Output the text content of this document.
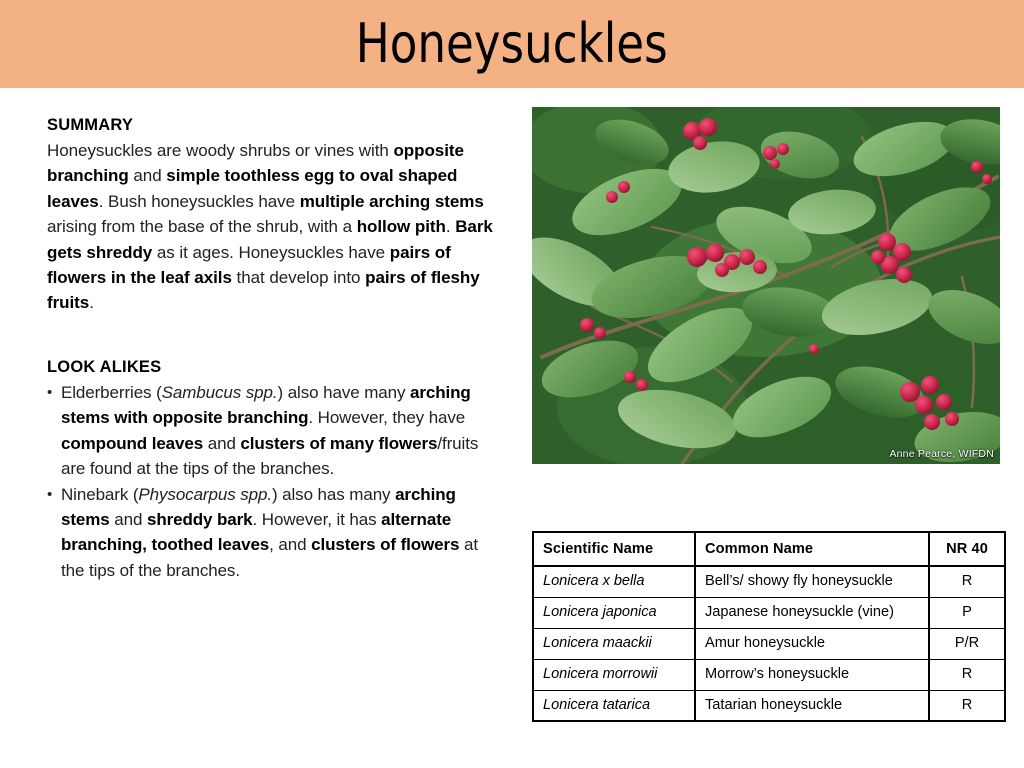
Honeysuckles
SUMMARY

Honeysuckles are woody shrubs or vines with opposite branching and simple toothless egg to oval shaped leaves. Bush honeysuckles have multiple arching stems arising from the base of the shrub, with a hollow pith. Bark gets shreddy as it ages. Honeysuckles have pairs of flowers in the leaf axils that develop into pairs of fleshy fruits.

LOOK ALIKES
• Elderberries (Sambucus spp.) also have many arching stems with opposite branching. However, they have compound leaves and clusters of many flowers/fruits are found at the tips of the branches.
• Ninebark (Physocarpus spp.) also has many arching stems and shreddy bark. However, it has alternate branching, toothed leaves, and clusters of flowers at the tips of the branches.
Anne Pearce, WIFDN
Scientific Name	Common Name	NR 40
Lonicera x bella	Bell’s/ showy fly honeysuckle	R
Lonicera japonica	Japanese honeysuckle (vine)	P
Lonicera maackii	Amur honeysuckle	P/R
Lonicera morrowii	Morrow’s honeysuckle	R
Lonicera tatarica	Tatarian honeysuckle	R
